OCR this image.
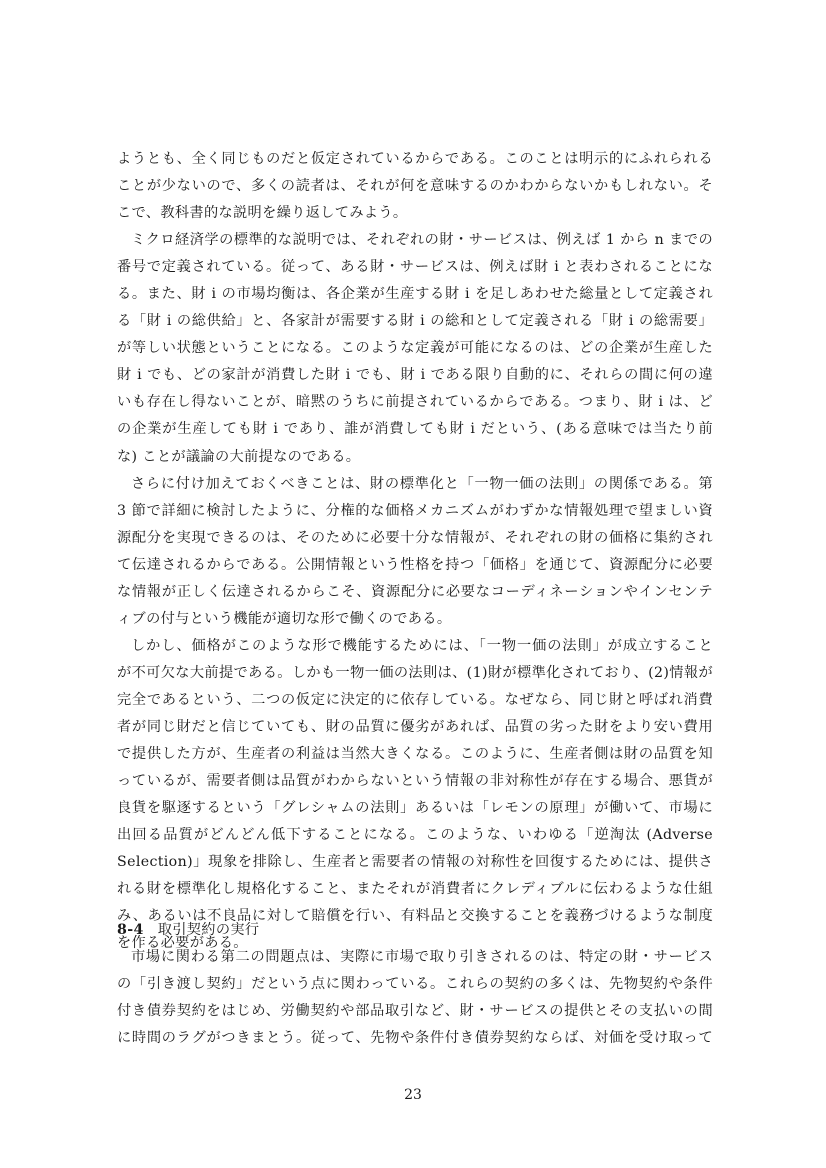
ようとも、全く同じものだと仮定されているからである。このことは明示的にふれられる
ことが少ないので、多くの読者は、それが何を意味するのかわからないかもしれない。そ
こで、教科書的な説明を繰り返してみよう。
ミクロ経済学の標準的な説明では、それぞれの財・サービスは、例えば 1 から n までの
番号で定義されている。従って、ある財・サービスは、例えば財 i と表わされることにな
る。また、財 i の市場均衡は、各企業が生産する財 i を足しあわせた総量として定義され
る「財 i の総供給」と、各家計が需要する財 i の総和として定義される「財 i の総需要」
が等しい状態ということになる。このような定義が可能になるのは、どの企業が生産した
財 i でも、どの家計が消費した財 i でも、財 i である限り自動的に、それらの間に何の違
いも存在し得ないことが、暗黙のうちに前提されているからである。つまり、財 i は、ど
の企業が生産しても財 i であり、誰が消費しても財 i だという、(ある意味では当たり前
な) ことが議論の大前提なのである。
さらに付け加えておくべきことは、財の標準化と「一物一価の法則」の関係である。第
3 節で詳細に検討したように、分権的な価格メカニズムがわずかな情報処理で望ましい資
源配分を実現できるのは、そのために必要十分な情報が、それぞれの財の価格に集約され
て伝達されるからである。公開情報という性格を持つ「価格」を通じて、資源配分に必要
な情報が正しく伝達されるからこそ、資源配分に必要なコーディネーションやインセンテ
ィブの付与という機能が適切な形で働くのである。
しかし、価格がこのような形で機能するためには、「一物一価の法則」が成立すること
が不可欠な大前提である。しかも一物一価の法則は、(1)財が標準化されており、(2)情報が
完全であるという、二つの仮定に決定的に依存している。なぜなら、同じ財と呼ばれ消費
者が同じ財だと信じていても、財の品質に優劣があれば、品質の劣った財をより安い費用
で提供した方が、生産者の利益は当然大きくなる。このように、生産者側は財の品質を知
っているが、需要者側は品質がわからないという情報の非対称性が存在する場合、悪貨が
良貨を駆逐するという「グレシャムの法則」あるいは「レモンの原理」が働いて、市場に
出回る品質がどんどん低下することになる。このような、いわゆる「逆淘汰 (Adverse
Selection)」現象を排除し、生産者と需要者の情報の対称性を回復するためには、提供さ
れる財を標準化し規格化すること、またそれが消費者にクレディブルに伝わるような仕組
み、あるいは不良品に対して賠償を行い、有料品と交換することを義務づけるような制度
を作る必要がある。
8-4 取引契約の実行
市場に関わる第二の問題点は、実際に市場で取り引きされるのは、特定の財・サービス
の「引き渡し契約」だという点に関わっている。これらの契約の多くは、先物契約や条件
付き債券契約をはじめ、労働契約や部品取引など、財・サービスの提供とその支払いの間
に時間のラグがつきまとう。従って、先物や条件付き債券契約ならば、対価を受け取って
23
